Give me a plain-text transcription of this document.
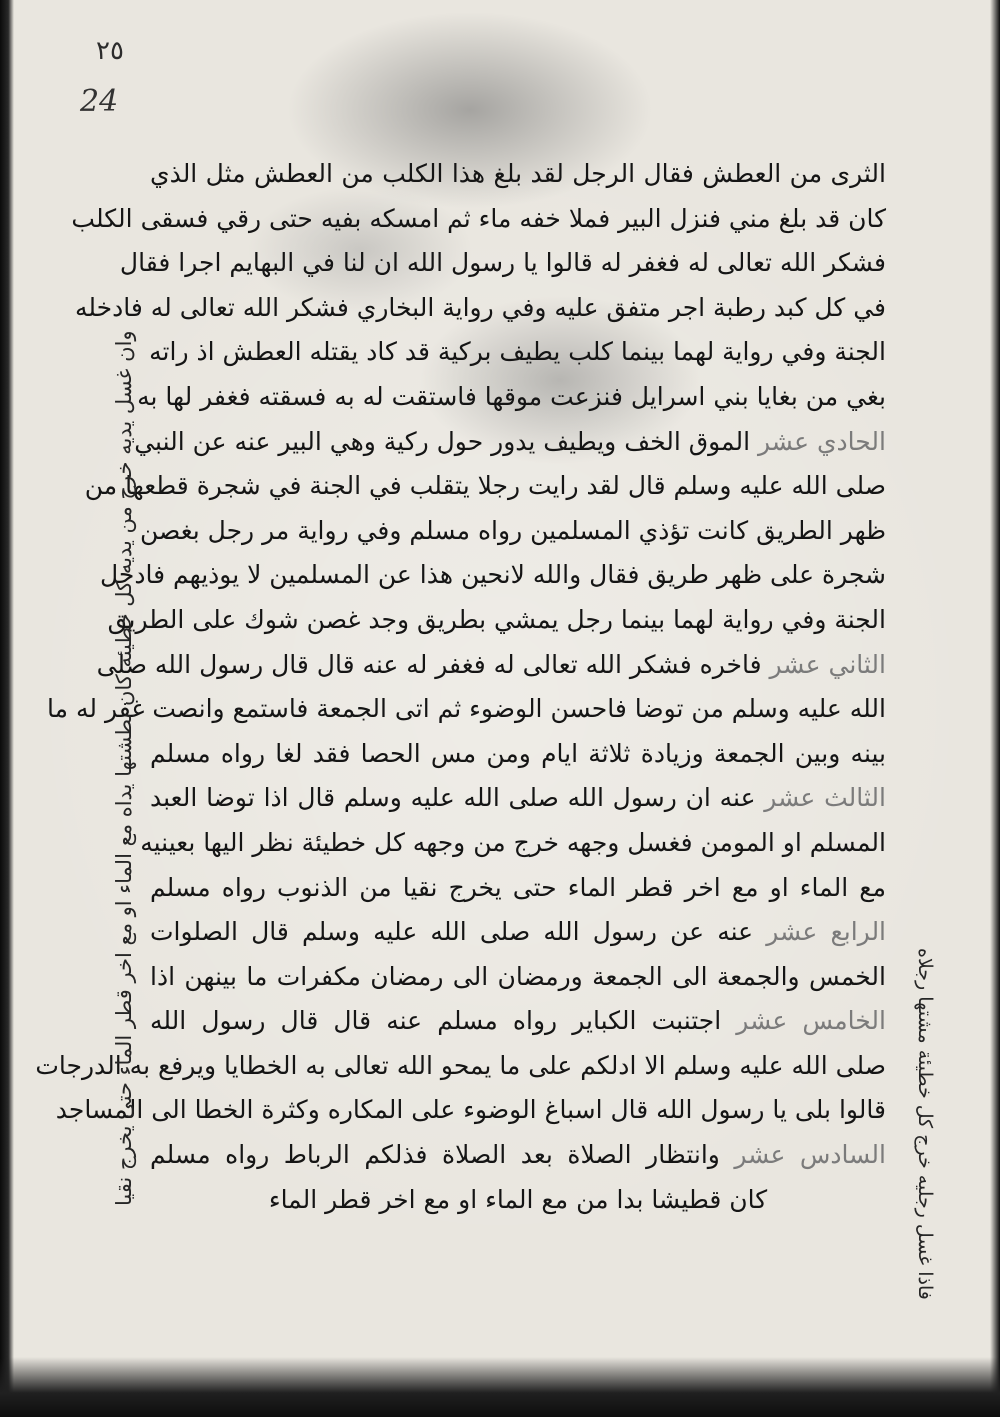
٢٥
24
الثرى من العطش فقال الرجل لقد بلغ هذا الكلب من العطش مثل الذي
كان قد بلغ مني فنزل البير فملا خفه ماء ثم امسكه بفيه حتى رقي فسقى الكلب
فشكر الله تعالى له فغفر له قالوا يا رسول الله ان لنا في البهايم اجرا فقال
في كل كبد رطبة اجر متفق عليه وفي رواية البخاري فشكر الله تعالى له فادخله
الجنة وفي رواية لهما بينما كلب يطيف بركية قد كاد يقتله العطش اذ راته
بغي من بغايا بني اسرايل فنزعت موقها فاستقت له به فسقته فغفر لها به
الحادي عشر الموق الخف ويطيف يدور حول ركية وهي البير عنه عن النبي
صلى الله عليه وسلم قال لقد رايت رجلا يتقلب في الجنة في شجرة قطعها من
ظهر الطريق كانت تؤذي المسلمين رواه مسلم وفي رواية مر رجل بغصن
شجرة على ظهر طريق فقال والله لانحين هذا عن المسلمين لا يوذيهم فادخل
الجنة وفي رواية لهما بينما رجل يمشي بطريق وجد غصن شوك على الطريق
الثاني عشر فاخره فشكر الله تعالى له فغفر له عنه قال قال رسول الله صلى
الله عليه وسلم من توضا فاحسن الوضوء ثم اتى الجمعة فاستمع وانصت غفر له ما
بينه وبين الجمعة وزيادة ثلاثة ايام ومن مس الحصا فقد لغا رواه مسلم
الثالث عشر عنه ان رسول الله صلى الله عليه وسلم قال اذا توضا العبد
المسلم او المومن فغسل وجهه خرج من وجهه كل خطيئة نظر اليها بعينيه
مع الماء او مع اخر قطر الماء حتى يخرج نقيا من الذنوب رواه مسلم
الرابع عشر عنه عن رسول الله صلى الله عليه وسلم قال الصلوات
الخمس والجمعة الى الجمعة ورمضان الى رمضان مكفرات ما بينهن اذا
الخامس عشر اجتنبت الكباير رواه مسلم عنه قال قال رسول الله
صلى الله عليه وسلم الا ادلكم على ما يمحو الله تعالى به الخطايا ويرفع به الدرجات
قالوا بلى يا رسول الله قال اسباغ الوضوء على المكاره وكثرة الخطا الى المساجد
السادس عشر وانتظار الصلاة بعد الصلاة فذلكم الرباط رواه مسلم
كان قطيشا بدا من مع الماء او مع اخر قطر الماء
وان غسل يديه خرج من يديه كل خطيئة كان بطشتها يداه مع الماء او مع اخر قطر الماء حتى يخرج نقيا	فاذا غسل رجليه خرج كل خطيئة مشتها رجلاه
